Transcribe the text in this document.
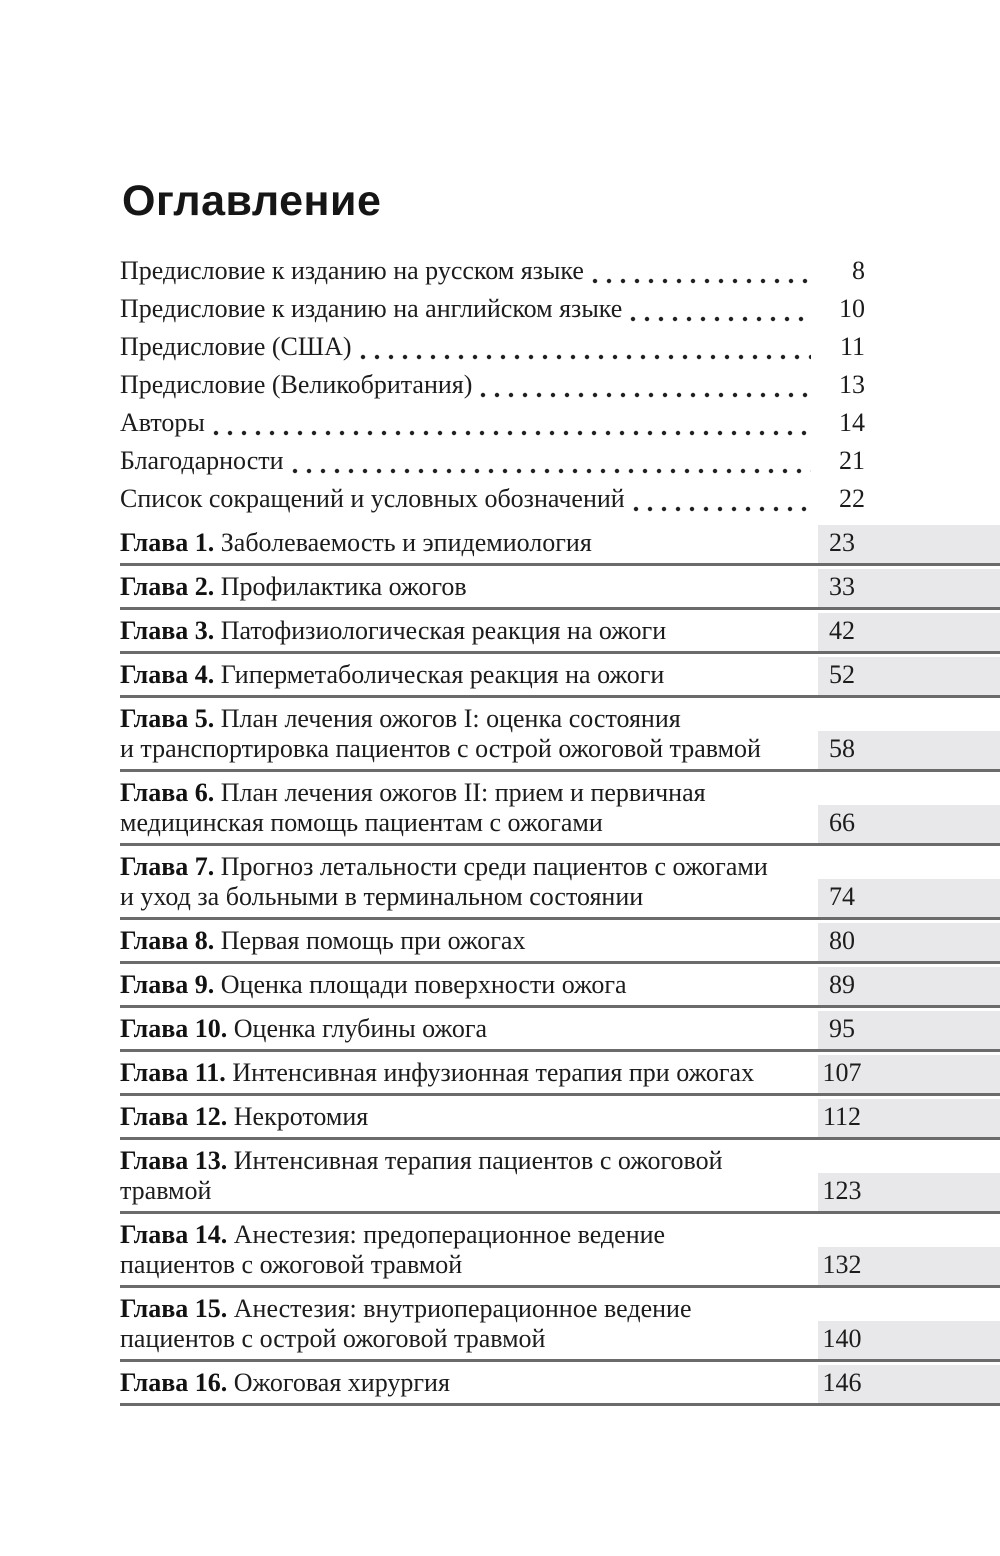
Оглавление
Предисловие к изданию на русском языке	8
Предисловие к изданию на английском языке	10
Предисловие (США)	11
Предисловие (Великобритания)	13
Авторы	14
Благодарности	21
Список сокращений и условных обозначений	22
Глава 1. Заболеваемость и эпидемиология	23
Глава 2. Профилактика ожогов	33
Глава 3. Патофизиологическая реакция на ожоги	42
Глава 4. Гиперметаболическая реакция на ожоги	52
Глава 5. План лечения ожогов I: оценка состояния
и транспортировка пациентов с острой ожоговой травмой	58
Глава 6. План лечения ожогов II: прием и первичная
медицинская помощь пациентам с ожогами	66
Глава 7. Прогноз летальности среди пациентов с ожогами
и уход за больными в терминальном состоянии	74
Глава 8. Первая помощь при ожогах	80
Глава 9. Оценка площади поверхности ожога	89
Глава 10. Оценка глубины ожога	95
Глава 11. Интенсивная инфузионная терапия при ожогах	107
Глава 12. Некротомия	112
Глава 13. Интенсивная терапия пациентов с ожоговой
травмой	123
Глава 14. Анестезия: предоперационное ведение
пациентов с ожоговой травмой	132
Глава 15. Анестезия: внутриоперационное ведение
пациентов с острой ожоговой травмой	140
Глава 16. Ожоговая хирургия	146
